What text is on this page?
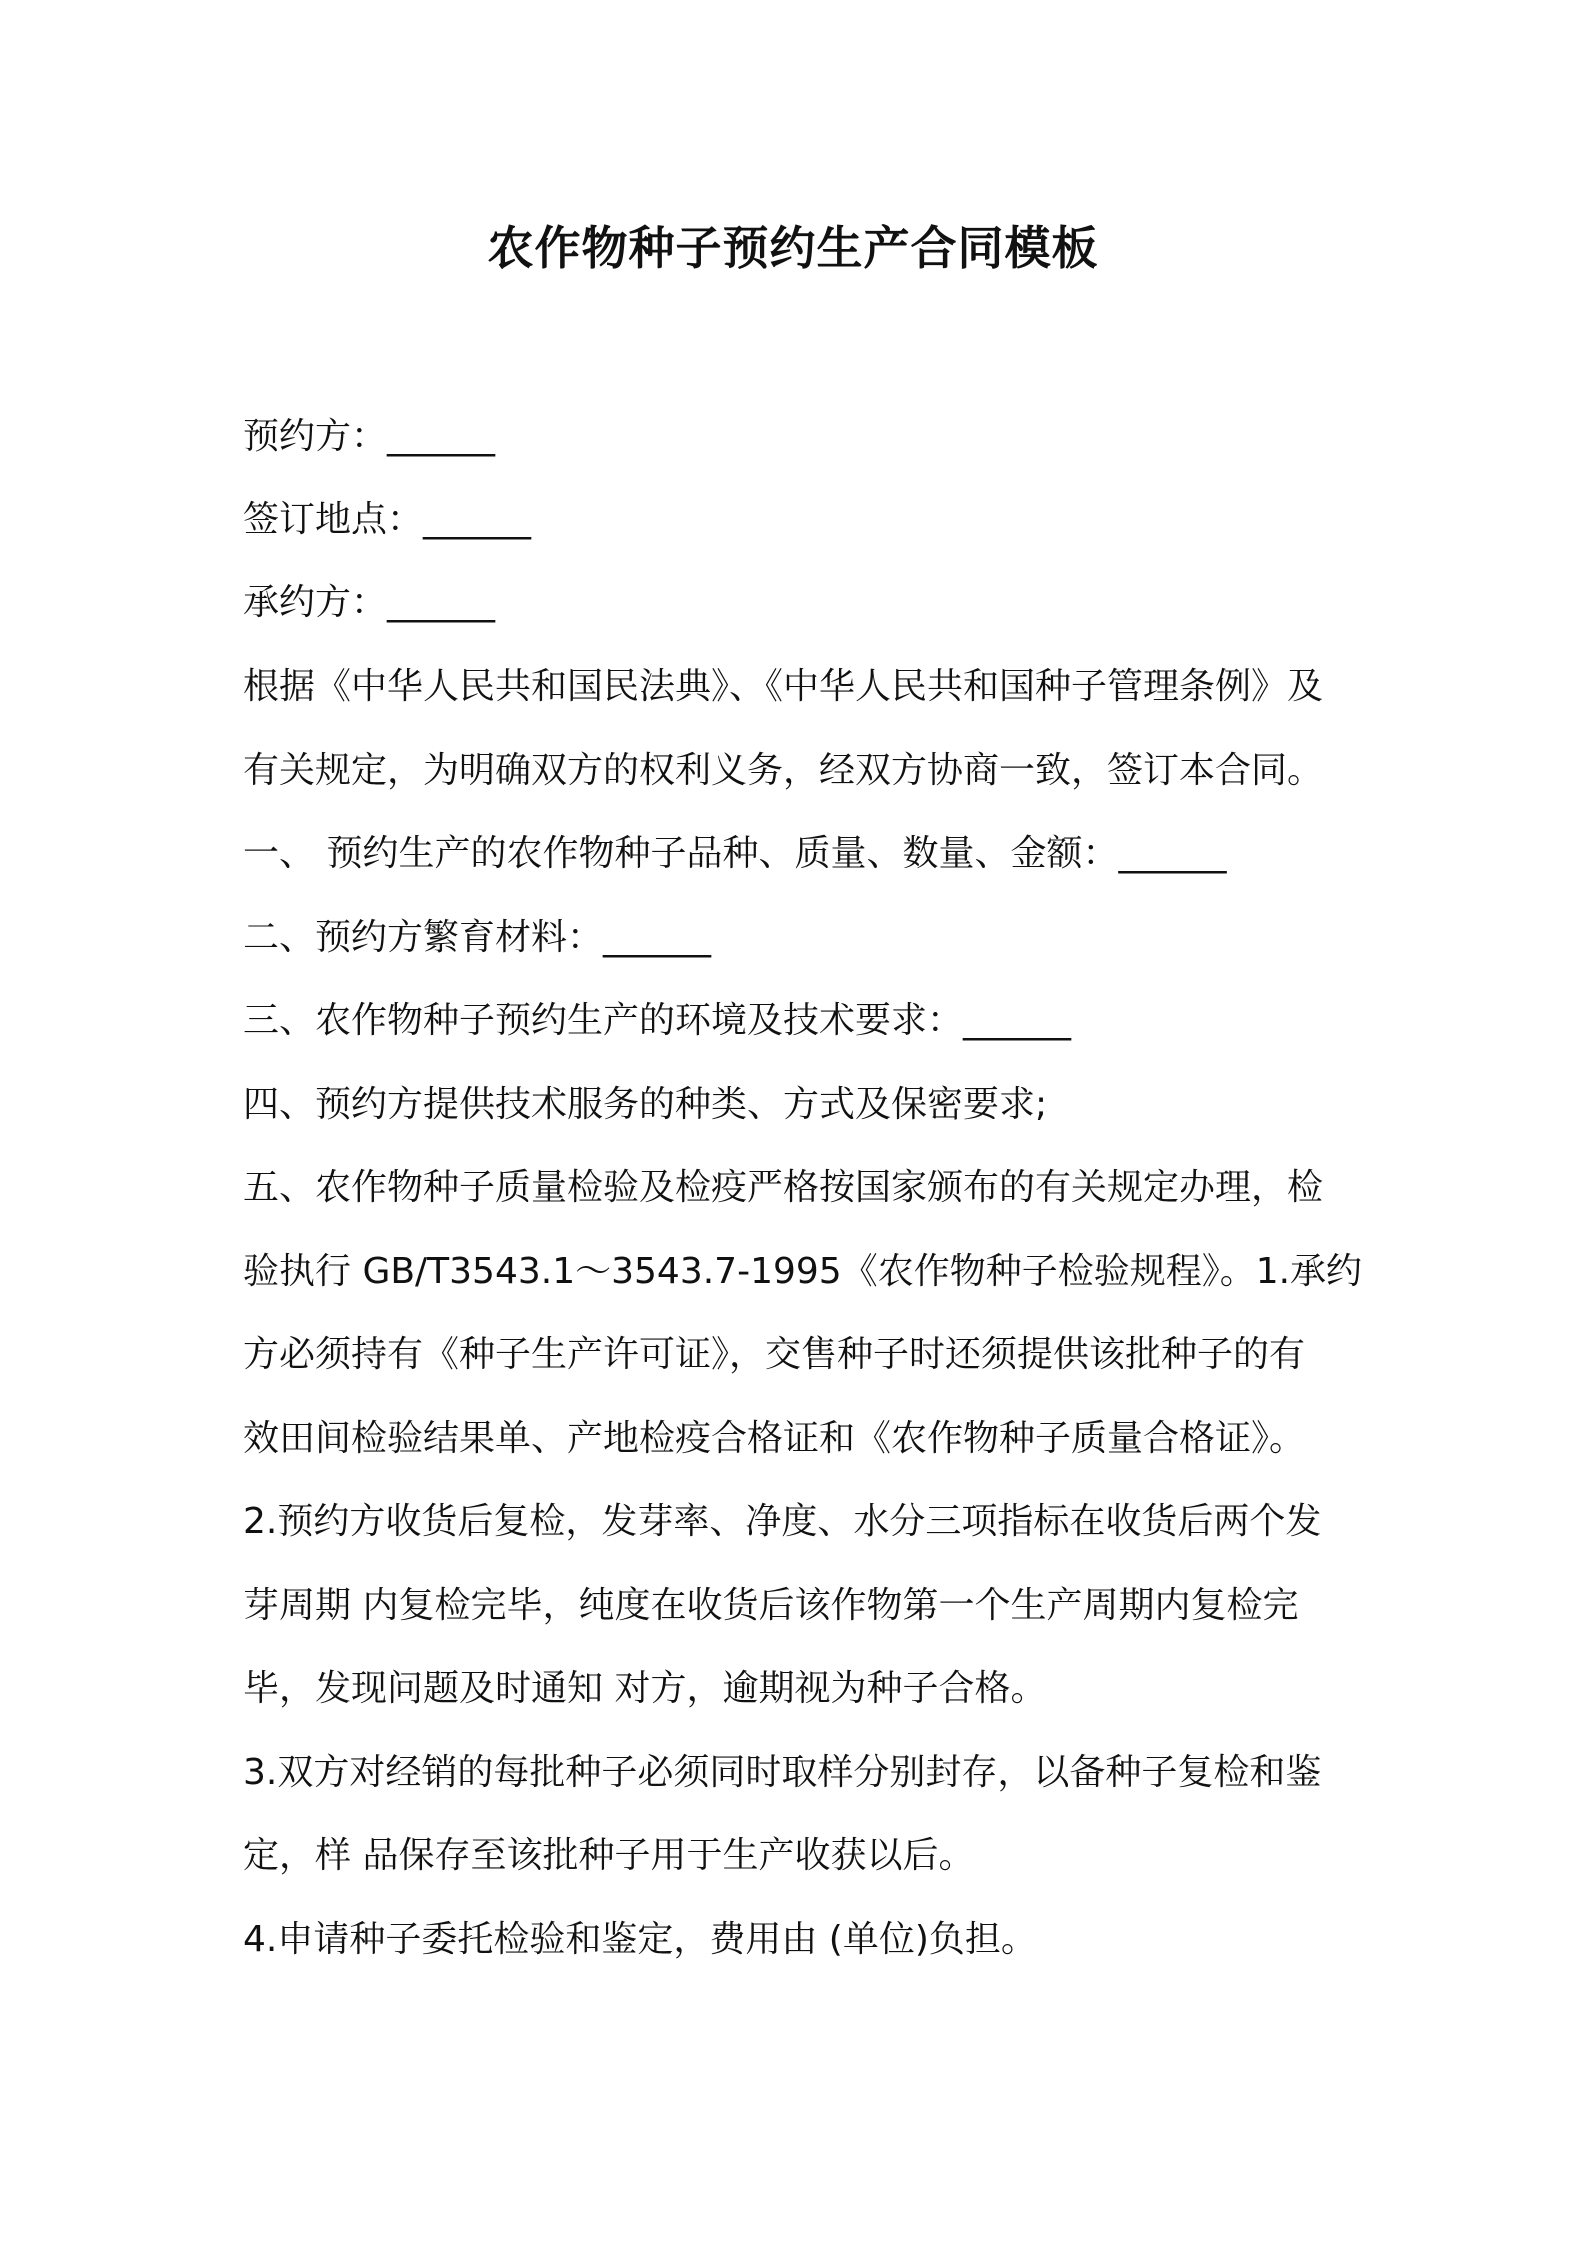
农作物种子预约生产合同模板
预约方：______
签订地点：______
承约方：______
根据《中华人民共和国民法典》、《中华人民共和国种子管理条例》及
有关规定，为明确双方的权利义务，经双方协商一致，签订本合同。
一、 预约生产的农作物种子品种、质量、数量、金额：______
二、预约方繁育材料：______
三、农作物种子预约生产的环境及技术要求：______
四、预约方提供技术服务的种类、方式及保密要求;
五、农作物种子质量检验及检疫严格按国家颁布的有关规定办理，检
验执行 GB/T3543.1～3543.7-1995《农作物种子检验规程》。1.承约
方必须持有《种子生产许可证》，交售种子时还须提供该批种子的有
效田间检验结果单、产地检疫合格证和《农作物种子质量合格证》。
2.预约方收货后复检，发芽率、净度、水分三项指标在收货后两个发
芽周期 内复检完毕，纯度在收货后该作物第一个生产周期内复检完
毕，发现问题及时通知 对方，逾期视为种子合格。
3.双方对经销的每批种子必须同时取样分别封存，以备种子复检和鉴
定，样 品保存至该批种子用于生产收获以后。
4.申请种子委托检验和鉴定，费用由 (单位)负担。
